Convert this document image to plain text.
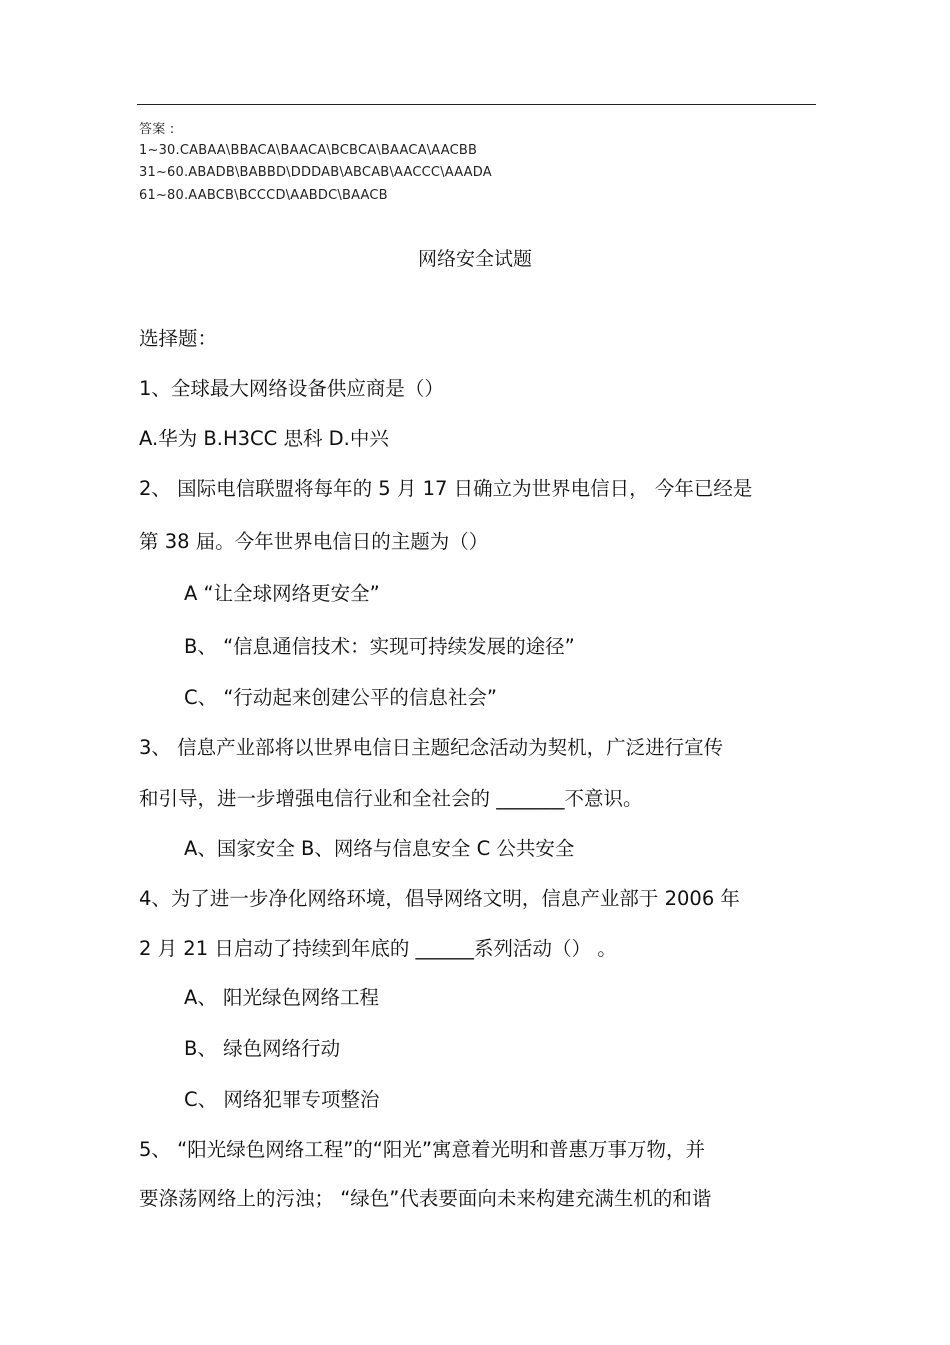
答案 :
1~30.CABAA\BBACA\BAACA\BCBCA\BAACA\AACBB
31~60.ABADB\BABBD\DDDAB\ABCAB\AACCC\AAADA
61~80.AABCB\BCCCD\AABDC\BAACB
网络安全试题
选择题：
1、全球最大网络设备供应商是（）
A.华为 B.H3CC 思科 D.中兴
2、 国际电信联盟将每年的 5 月 17 日确立为世界电信日， 今年已经是
第 38 届。今年世界电信日的主题为（）
A “让全球网络更安全”
B、 “信息通信技术：实现可持续发展的途径”
C、 “行动起来创建公平的信息社会”
3、 信息产业部将以世界电信日主题纪念活动为契机，广泛进行宣传
和引导，进一步增强电信行业和全社会的 _______不意识。
A、国家安全 B、网络与信息安全 C 公共安全
4、为了进一步净化网络环境，倡导网络文明，信息产业部于 2006 年
2 月 21 日启动了持续到年底的 ______系列活动（） 。
A、 阳光绿色网络工程
B、 绿色网络行动
C、 网络犯罪专项整治
5、 “阳光绿色网络工程”的“阳光”寓意着光明和普惠万事万物，并
要涤荡网络上的污浊； “绿色”代表要面向未来构建充满生机的和谐
